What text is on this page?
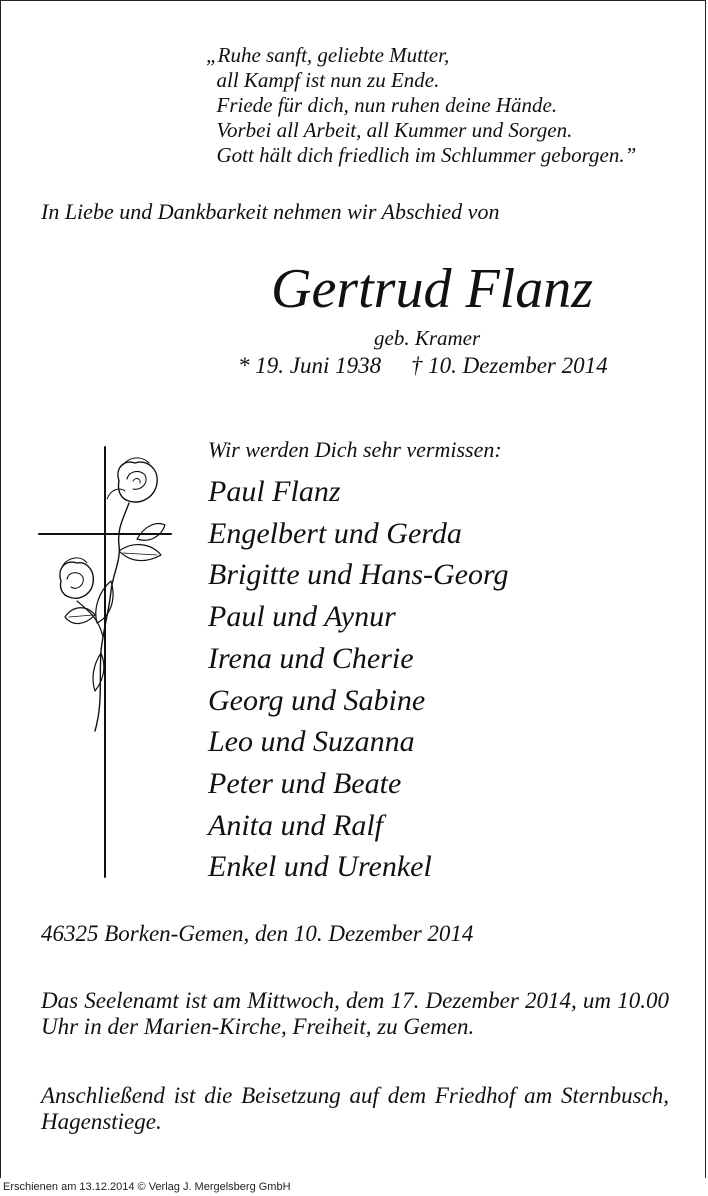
„Ruhe sanft, geliebte Mutter,
all Kampf ist nun zu Ende.
Friede für dich, nun ruhen deine Hände.
Vorbei all Arbeit, all Kummer und Sorgen.
Gott hält dich friedlich im Schlummer geborgen.”
In Liebe und Dankbarkeit nehmen wir Abschied von
Gertrud Flanz
geb. Kramer
* 19. Juni 1938 † 10. Dezember 2014
Wir werden Dich sehr vermissen:
Paul Flanz
Engelbert und Gerda
Brigitte und Hans-Georg
Paul und Aynur
Irena und Cherie
Georg und Sabine
Leo und Suzanna
Peter und Beate
Anita und Ralf
Enkel und Urenkel
46325 Borken-Gemen, den 10. Dezember 2014
Das Seelenamt ist am Mittwoch, dem 17. Dezember 2014, um 10.00 Uhr in der Marien-Kirche, Freiheit, zu Gemen.
Anschließend ist die Beisetzung auf dem Friedhof am Sternbusch, Hagenstiege.
Erschienen am 13.12.2014 © Verlag J. Mergelsberg GmbH
